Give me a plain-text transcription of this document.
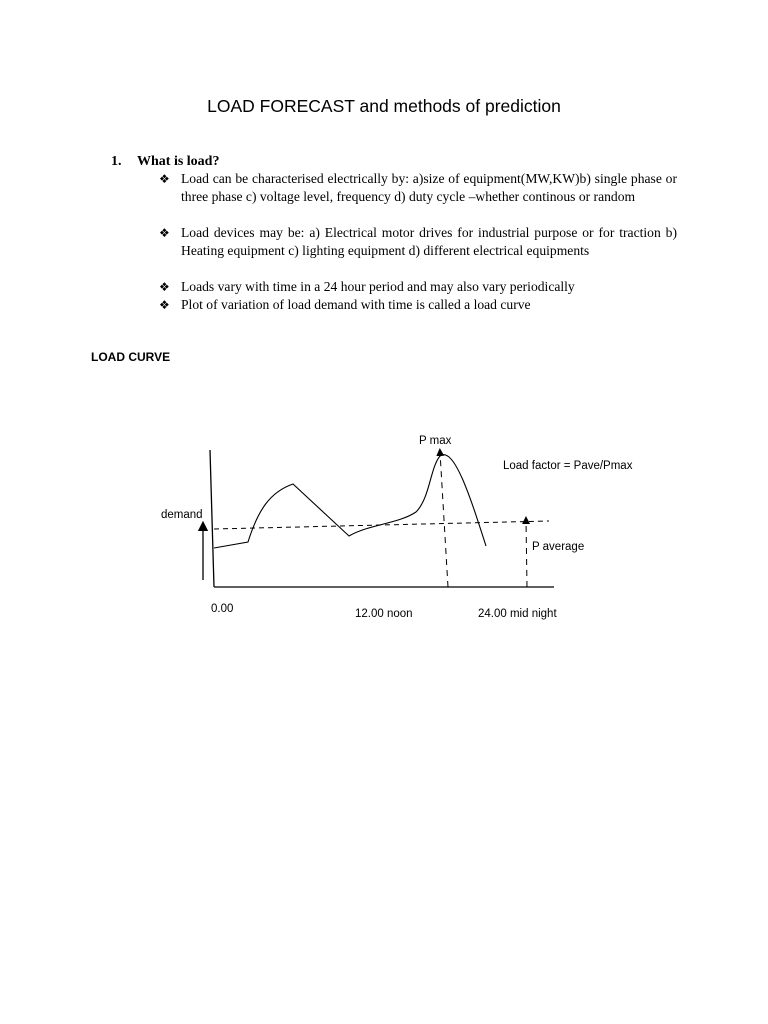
LOAD FORECAST and methods of prediction
1. What is load?
❖ Load can be characterised electrically by: a)size of equipment(MW,KW)b) single phase or three phase c) voltage level, frequency d) duty cycle –whether continous or random
❖ Load devices may be: a) Electrical motor drives for industrial purpose or for traction b) Heating equipment c) lighting equipment d) different electrical equipments
❖ Loads vary with time in a 24 hour period and may also vary periodically
❖ Plot of variation of load demand with time is called a load curve
LOAD CURVE
P max
Load factor = Pave/Pmax
demand
P average
0.00	12.00 noon	24.00 mid night
